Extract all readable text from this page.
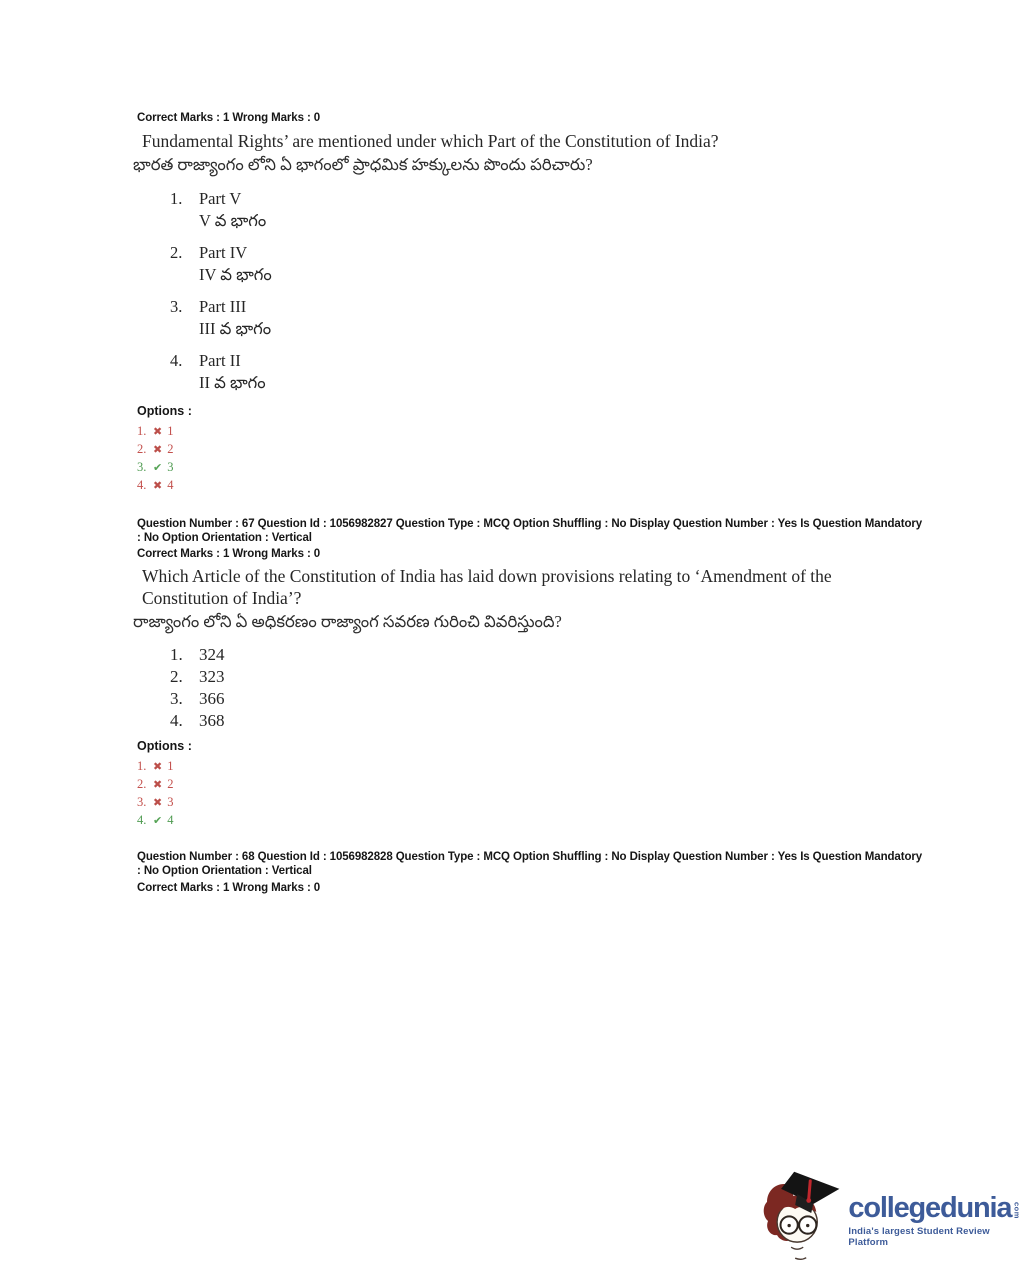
Correct Marks : 1 Wrong Marks : 0
Fundamental Rights’ are mentioned under which Part of the Constitution of India?
భారత రాజ్యాంగం లోని ఏ భాగంలో ప్రాధమిక హక్కులను పొందు పరిచారు?
1.	Part V
V వ భాగం
2.	Part IV
IV వ భాగం
3.	Part III
III వ భాగం
4.	Part II
II వ భాగం
Options :
1. ✖ 1
2. ✖ 2
3. ✔ 3
4. ✖ 4
Question Number : 67 Question Id : 1056982827 Question Type : MCQ Option Shuffling : No Display Question Number : Yes Is Question Mandatory
: No Option Orientation : Vertical
Correct Marks : 1 Wrong Marks : 0
Which Article of the Constitution of India has laid down provisions relating to ‘Amendment of the Constitution of India’?
రాజ్యాంగం లోని ఏ అధికరణం రాజ్యాంగ సవరణ గురించి వివరిస్తుంది?
1. 324
2. 323
3. 366
4. 368
Options :
1. ✖ 1
2. ✖ 2
3. ✖ 3
4. ✔ 4
Question Number : 68 Question Id : 1056982828 Question Type : MCQ Option Shuffling : No Display Question Number : Yes Is Question Mandatory
: No Option Orientation : Vertical
Correct Marks : 1 Wrong Marks : 0
collegedunia com
India's largest Student Review Platform
